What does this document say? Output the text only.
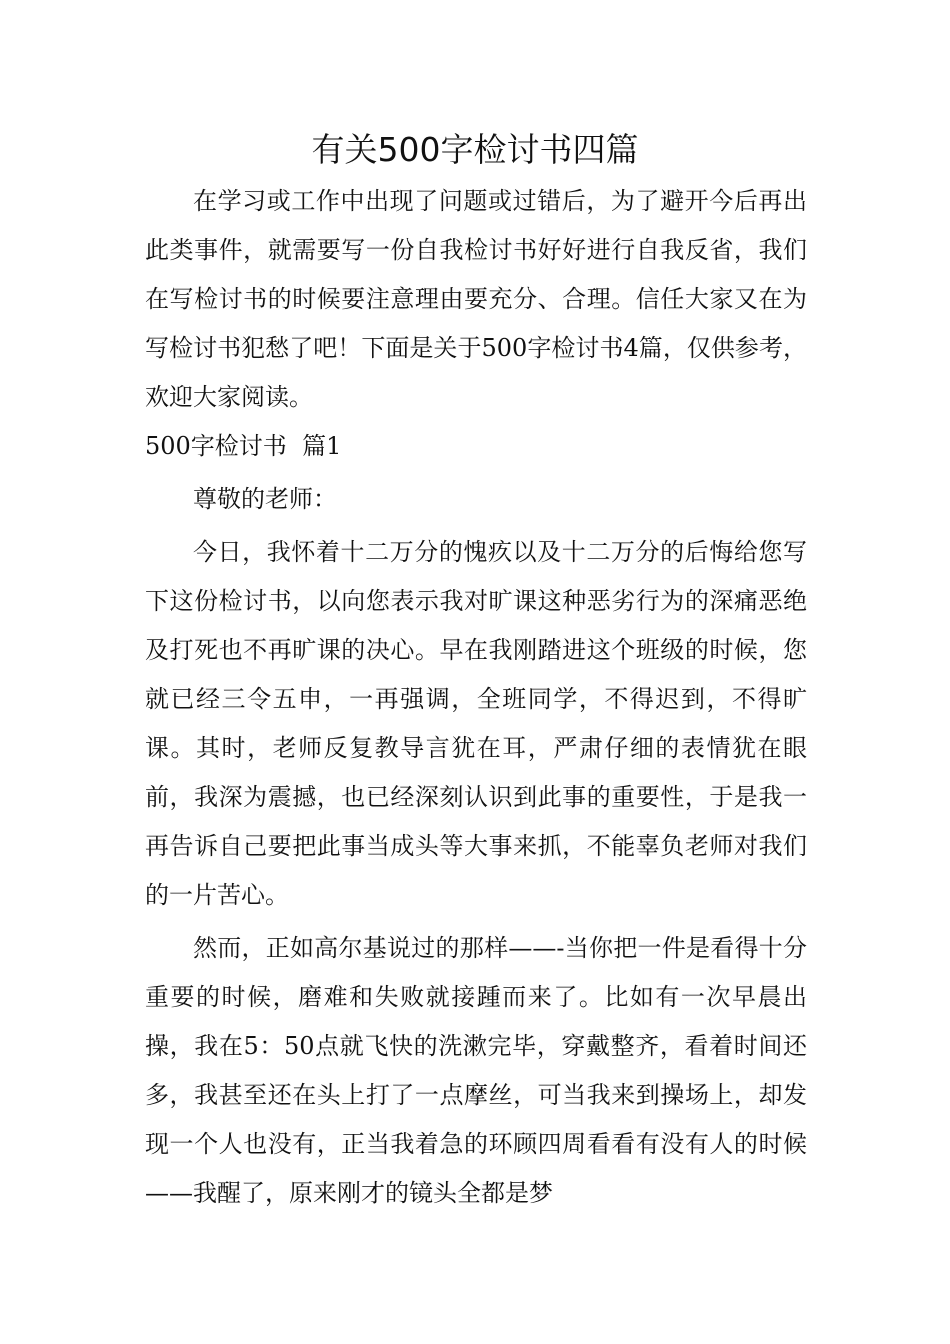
有关500字检讨书四篇

在学习或工作中出现了问题或过错后，为了避开今后再出此类事件，就需要写一份自我检讨书好好进行自我反省，我们在写检讨书的时候要注意理由要充分、合理。信任大家又在为写检讨书犯愁了吧！下面是关于500字检讨书4篇，仅供参考，欢迎大家阅读。

500字检讨书  篇1

尊敬的老师：

今日，我怀着十二万分的愧疚以及十二万分的后悔给您写下这份检讨书，以向您表示我对旷课这种恶劣行为的深痛恶绝及打死也不再旷课的决心。早在我刚踏进这个班级的时候，您就已经三令五申，一再强调，全班同学，不得迟到，不得旷课。其时，老师反复教导言犹在耳，严肃仔细的表情犹在眼前，我深为震撼，也已经深刻认识到此事的重要性，于是我一再告诉自己要把此事当成头等大事来抓，不能辜负老师对我们的一片苦心。

然而，正如高尔基说过的那样——-当你把一件是看得十分重要的时候，磨难和失败就接踵而来了。比如有一次早晨出操，我在5：50点就飞快的洗漱完毕，穿戴整齐，看着时间还多，我甚至还在头上打了一点摩丝，可当我来到操场上，却发现一个人也没有，正当我着急的环顾四周看看有没有人的时候——我醒了，原来刚才的镜头全都是梦
